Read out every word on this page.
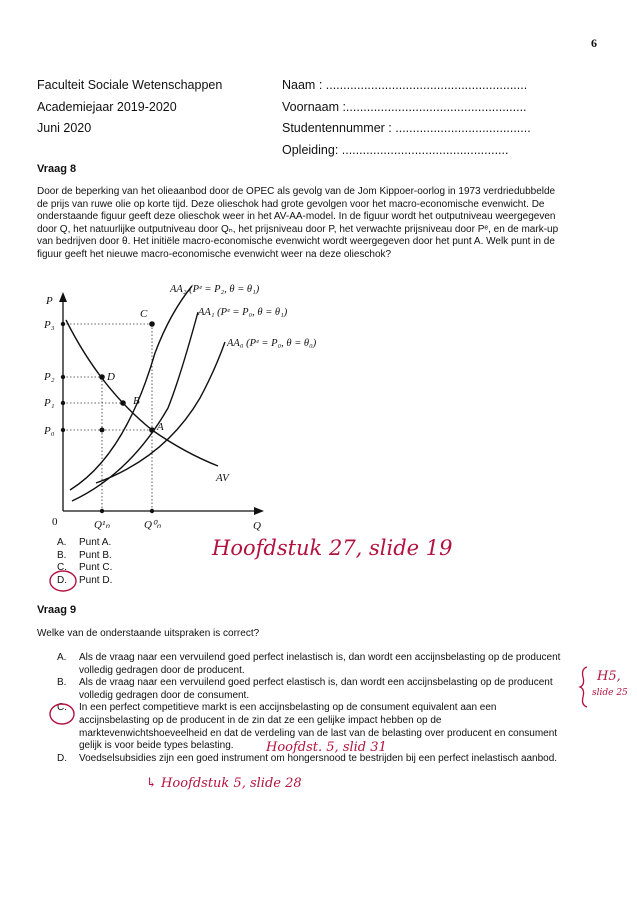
6
Faculteit Sociale Wetenschappen
Academiejaar 2019-2020
Juni 2020
Naam : ..........................................................
Voornaam :....................................................
Studentennummer : .......................................
Opleiding: ................................................
Vraag 8
Door de beperking van het olieaanbod door de OPEC als gevolg van de Jom Kippoer-oorlog in 1973 verdriedubbelde
de prijs van ruwe olie op korte tijd. Deze olieschok had grote gevolgen voor het macro-economische evenwicht. De
onderstaande figuur geeft deze olieschok weer in het AV-AA-model. In de figuur wordt het outputniveau weergegeven
door Q, het natuurlijke outputniveau door Qₙ, het prijsniveau door P, het verwachte prijsniveau door Pᵉ, en de mark-up
van bedrijven door θ. Het initiële macro-economische evenwicht wordt weergegeven door het punt A. Welk punt in de
figuur geeft het nieuwe macro-economische evenwicht weer na deze olieschok?
P
Q
0
P₃
P₂
P₁
P₀
Q¹ₙ	Q⁰ₙ
A
B
C
D
AA₂ (Pᵉ = P₂, θ = θ₁)
AA₁ (Pᵉ = P₀, θ = θ₁)
AA₀ (Pᵉ = P₀, θ = θ₀)
AV
A.	Punt A.
B.	Punt B.
C.	Punt C.
D.	Punt D.
Hoofdstuk 27, slide 19
Vraag 9
Welke van de onderstaande uitspraken is correct?
A.	Als de vraag naar een vervuilend goed perfect inelastisch is, dan wordt een accijnsbelasting op de producent
volledig gedragen door de producent.
B.	Als de vraag naar een vervuilend goed perfect elastisch is, dan wordt een accijnsbelasting op de producent
volledig gedragen door de consument.
C.	In een perfect competitieve markt is een accijnsbelasting op de consument equivalent aan een
accijnsbelasting op de producent in de zin dat ze een gelijke impact hebben op de
marktevenwichtshoeveelheid en dat de verdeling van de last van de belasting over producent en consument
gelijk is voor beide types belasting.
D.	Voedselsubsidies zijn een goed instrument om hongersnood te bestrijden bij een perfect inelastisch aanbod.
H5,
slide 25
Hoofdst. 5, slid 31
↳ Hoofdstuk 5, slide 28
